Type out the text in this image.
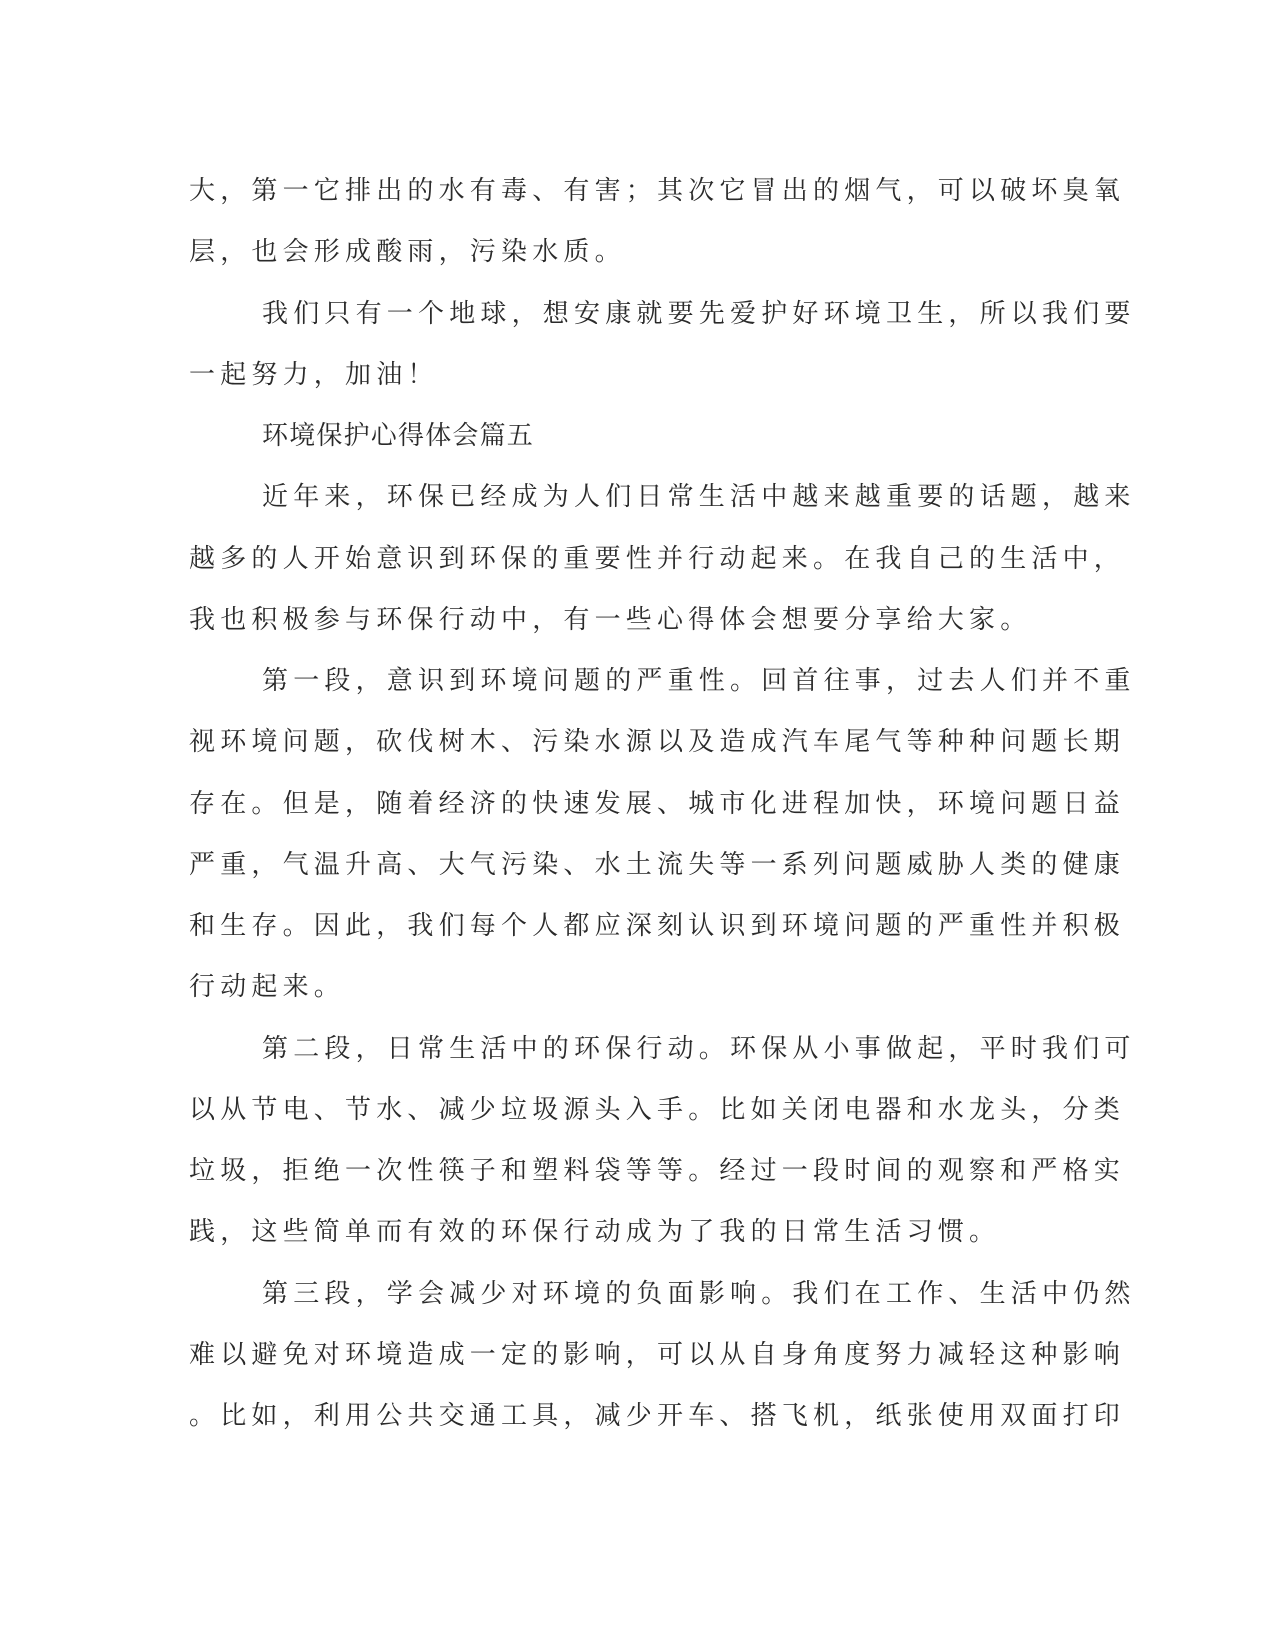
大，第一它排出的水有毒、有害；其次它冒出的烟气，可以破坏臭氧
层，也会形成酸雨，污染水质。
我们只有一个地球，想安康就要先爱护好环境卫生，所以我们要
一起努力，加油！
环境保护心得体会篇五
近年来，环保已经成为人们日常生活中越来越重要的话题，越来
越多的人开始意识到环保的重要性并行动起来。在我自己的生活中，
我也积极参与环保行动中，有一些心得体会想要分享给大家。
第一段，意识到环境问题的严重性。回首往事，过去人们并不重
视环境问题，砍伐树木、污染水源以及造成汽车尾气等种种问题长期
存在。但是，随着经济的快速发展、城市化进程加快，环境问题日益
严重，气温升高、大气污染、水土流失等一系列问题威胁人类的健康
和生存。因此，我们每个人都应深刻认识到环境问题的严重性并积极
行动起来。
第二段，日常生活中的环保行动。环保从小事做起，平时我们可
以从节电、节水、减少垃圾源头入手。比如关闭电器和水龙头，分类
垃圾，拒绝一次性筷子和塑料袋等等。经过一段时间的观察和严格实
践，这些简单而有效的环保行动成为了我的日常生活习惯。
第三段，学会减少对环境的负面影响。我们在工作、生活中仍然
难以避免对环境造成一定的影响，可以从自身角度努力减轻这种影响
。比如，利用公共交通工具，减少开车、搭飞机，纸张使用双面打印
